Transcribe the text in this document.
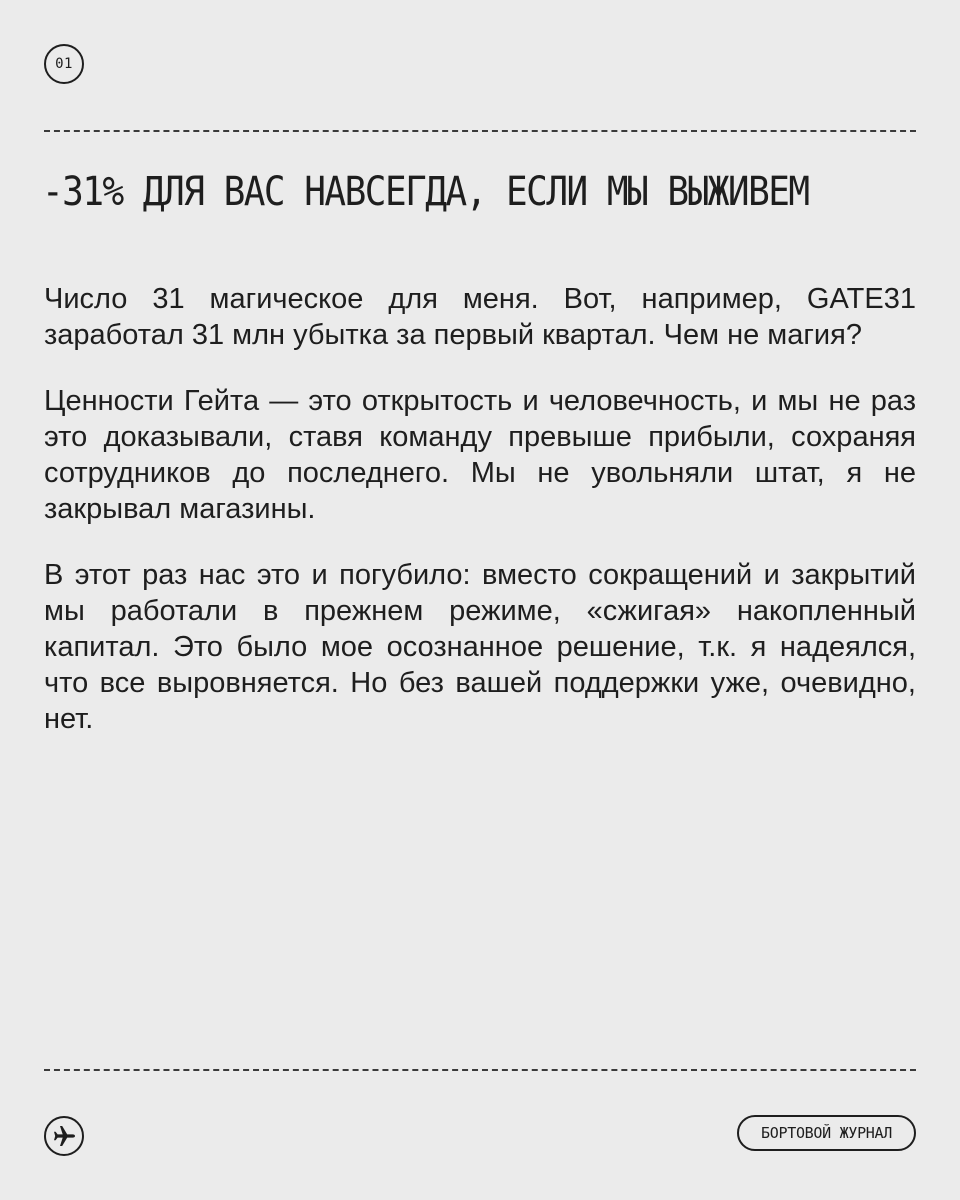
01
-31% ДЛЯ ВАС НАВСЕГДА, ЕСЛИ МЫ ВЫЖИВЕМ

Число 31 магическое для меня. Вот, например, GATE31 заработал 31 млн убытка за первый квартал. Чем не магия?

Ценности Гейта — это открытость и человечность, и мы не раз это доказывали, ставя команду превыше прибыли, сохраняя сотрудников до последнего. Мы не увольняли штат, я не закрывал магазины.

В этот раз нас это и погубило: вместо сокращений и закрытий мы работали в прежнем режиме, «сжигая» накопленный капитал. Это было мое осознанное решение, т.к. я надеялся, что все выровняется. Но без вашей поддержки уже, очевидно, нет.

БОРТОВОЙ ЖУРНАЛ
